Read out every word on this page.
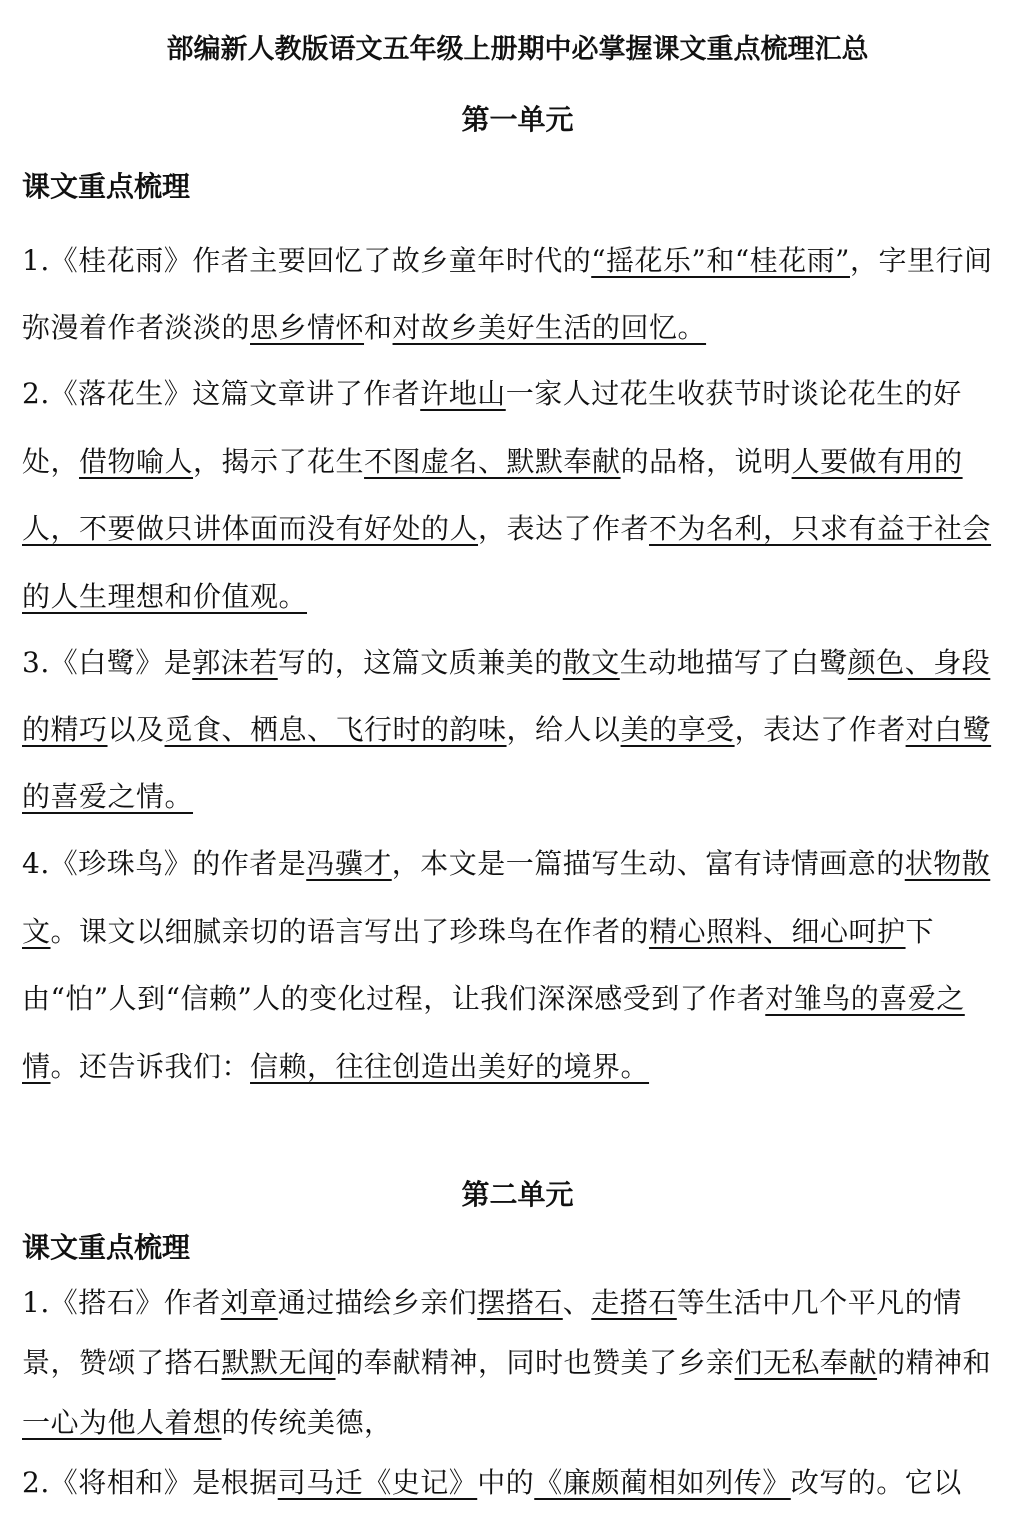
部编新人教版语文五年级上册期中必掌握课文重点梳理汇总
第一单元
课文重点梳理

1.《桂花雨》作者主要回忆了故乡童年时代的“摇花乐”和“桂花雨”，字里行间弥漫着作者淡淡的思乡情怀和对故乡美好生活的回忆。

2.《落花生》这篇文章讲了作者许地山一家人过花生收获节时谈论花生的好处，借物喻人，揭示了花生不图虚名、默默奉献的品格，说明人要做有用的人，不要做只讲体面而没有好处的人，表达了作者不为名利，只求有益于社会的人生理想和价值观。

3.《白鹭》是郭沫若写的，这篇文质兼美的散文生动地描写了白鹭颜色、身段的精巧以及觅食、栖息、飞行时的韵味，给人以美的享受，表达了作者对白鹭的喜爱之情。

4.《珍珠鸟》的作者是冯骥才，本文是一篇描写生动、富有诗情画意的状物散文。课文以细腻亲切的语言写出了珍珠鸟在作者的精心照料、细心呵护下由“怕”人到“信赖”人的变化过程，让我们深深感受到了作者对雏鸟的喜爱之情。还告诉我们：信赖，往往创造出美好的境界。

第二单元
课文重点梳理

1.《搭石》作者刘章通过描绘乡亲们摆搭石、走搭石等生活中几个平凡的情景，赞颂了搭石默默无闻的奉献精神，同时也赞美了乡亲们无私奉献的精神和一心为他人着想的传统美德，

2.《将相和》是根据司马迁《史记》中的《廉颇蔺相如列传》改写的。它以
